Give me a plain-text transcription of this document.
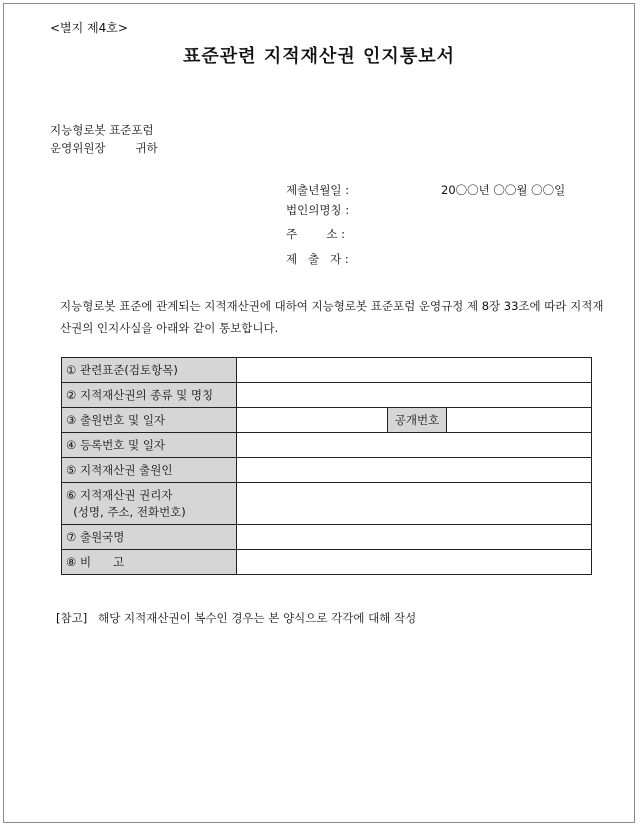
<별지 제4호>
표준관련 지적재산권 인지통보서
지능형로봇 표준포럼
운영위원장	귀하
제출년월일 :	20〇〇년 〇〇월 〇〇일
법인의명칭 :
주        소 :
제   출   자 :
지능형로봇 표준에 관계되는 지적재산권에 대하여 지능형로봇 표준포럼 운영규정 제 8장 33조에 따라 지적재산권의 인지사실을 아래와 같이 통보합니다.
① 관련표준(검토항목)			
② 지적재산권의 종류 및 명칭			
③ 출원번호 및 일자		공개번호	
④ 등록번호 및 일자			
⑤ 지적재산권 출원인			

⑥ 지적재산권 권리자
(성명, 주소, 전화번호)			

⑦ 출원국명			
⑧ 비      고			
[참고]   해당 지적재산권이 복수인 경우는 본 양식으로 각각에 대해 작성
